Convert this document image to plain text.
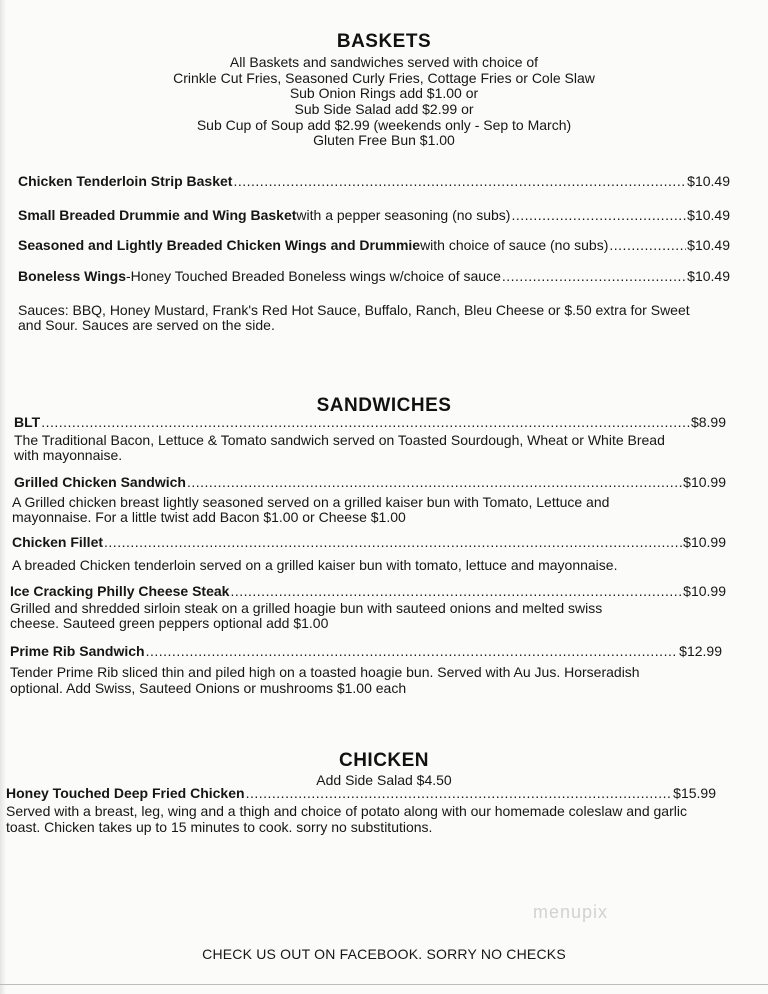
BASKETS
All Baskets and sandwiches served with choice of
Crinkle Cut Fries, Seasoned Curly Fries, Cottage Fries or Cole Slaw
Sub Onion Rings add $1.00 or
Sub Side Salad add $2.99 or
Sub Cup of Soup add $2.99 (weekends only - Sep to March)
Gluten Free Bun $1.00
Chicken Tenderloin Strip Basket .....	$10.49
Small Breaded Drummie and Wing Basket with a pepper seasoning (no subs) .....	$10.49
Seasoned and Lightly Breaded Chicken Wings and Drummie with choice of sauce (no subs) .....	$10.49
Boneless Wings -Honey Touched Breaded Boneless wings w/choice of sauce .....	$10.49
Sauces: BBQ, Honey Mustard, Frank's Red Hot Sauce, Buffalo, Ranch, Bleu Cheese or $.50 extra for Sweet
and Sour. Sauces are served on the side.
SANDWICHES
BLT .....	$8.99
The Traditional Bacon, Lettuce & Tomato sandwich served on Toasted Sourdough, Wheat or White Bread
with mayonnaise.
Grilled Chicken Sandwich .....	$10.99
A Grilled chicken breast lightly seasoned served on a grilled kaiser bun with Tomato, Lettuce and
mayonnaise. For a little twist add Bacon $1.00 or Cheese $1.00
Chicken Fillet .....	$10.99
A breaded Chicken tenderloin served on a grilled kaiser bun with tomato, lettuce and mayonnaise.
Ice Cracking Philly Cheese Steak .....	$10.99
Grilled and shredded sirloin steak on a grilled hoagie bun with sauteed onions and melted swiss
cheese. Sauteed green peppers optional add $1.00
Prime Rib Sandwich .....	$12.99
Tender Prime Rib sliced thin and piled high on a toasted hoagie bun. Served with Au Jus. Horseradish
optional. Add Swiss, Sauteed Onions or mushrooms $1.00 each
CHICKEN
Add Side Salad $4.50
Honey Touched Deep Fried Chicken .....	$15.99
Served with a breast, leg, wing and a thigh and choice of potato along with our homemade coleslaw and garlic
toast. Chicken takes up to 15 minutes to cook. sorry no substitutions.
menupix
CHECK US OUT ON FACEBOOK. SORRY NO CHECKS
